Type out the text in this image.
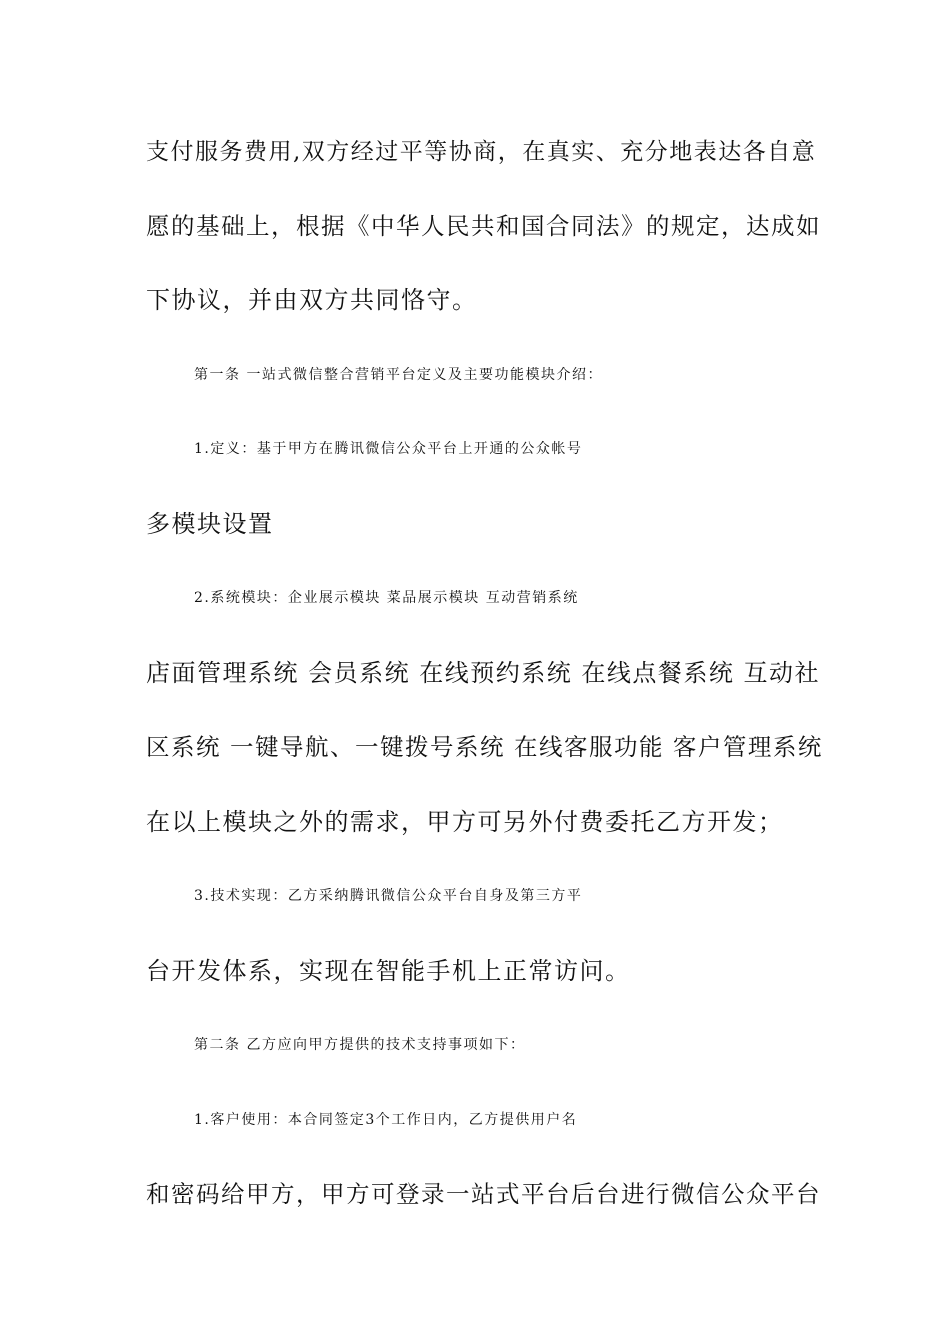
支付服务费用,双方经过平等协商，在真实、充分地表达各自意
愿的基础上，根据《中华人民共和国合同法》的规定，达成如
下协议，并由双方共同恪守。
第一条 一站式微信整合营销平台定义及主要功能模块介绍：
1.定义：基于甲方在腾讯微信公众平台上开通的公众帐号
多模块设置
2.系统模块：企业展示模块 菜品展示模块 互动营销系统
店面管理系统 会员系统 在线预约系统 在线点餐系统 互动社
区系统 一键导航、一键拨号系统 在线客服功能 客户管理系统
在以上模块之外的需求，甲方可另外付费委托乙方开发；
3.技术实现：乙方采纳腾讯微信公众平台自身及第三方平
台开发体系，实现在智能手机上正常访问。
第二条 乙方应向甲方提供的技术支持事项如下：
1.客户使用：本合同签定3个工作日内，乙方提供用户名
和密码给甲方，甲方可登录一站式平台后台进行微信公众平台
